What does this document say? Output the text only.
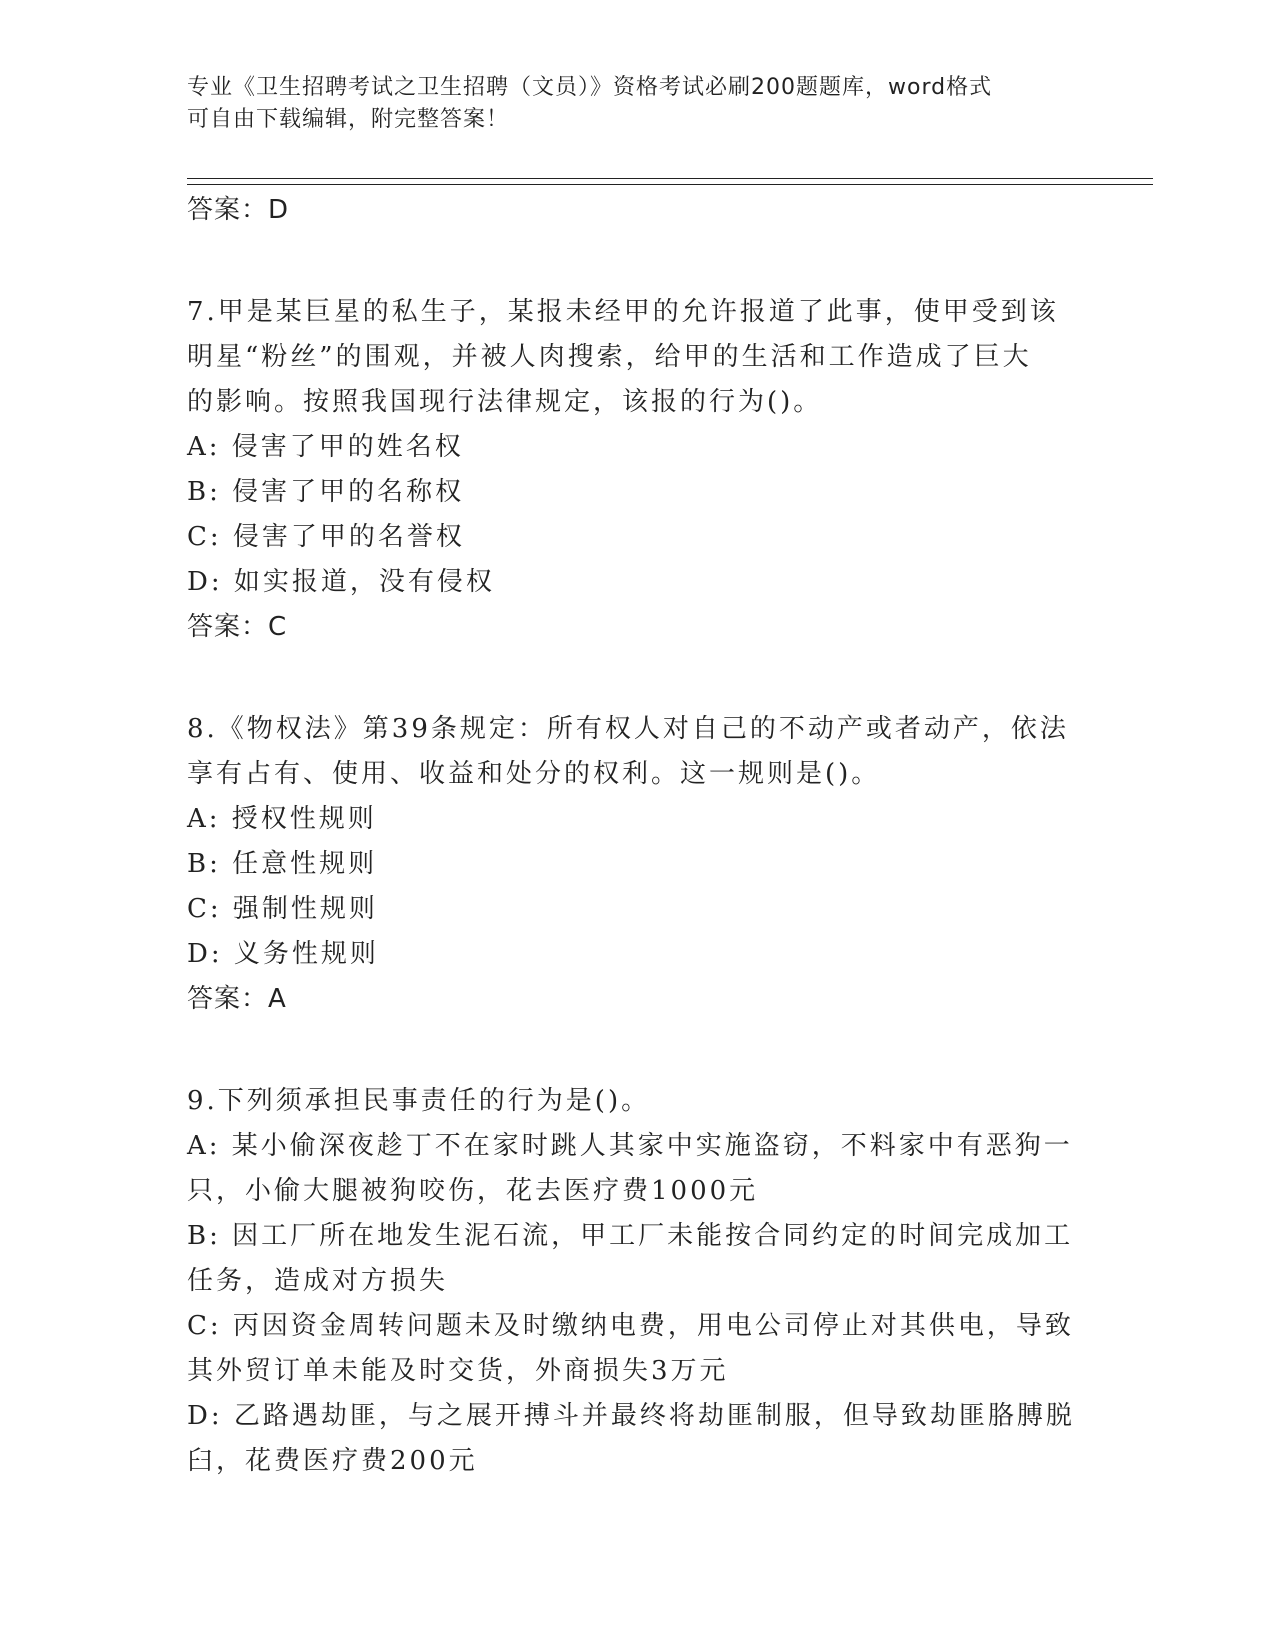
专业《卫生招聘考试之卫生招聘（文员）》资格考试必刷200题题库，word格式
可自由下载编辑，附完整答案！
答案：D
7.甲是某巨星的私生子，某报未经甲的允许报道了此事，使甲受到该
明星“粉丝”的围观，并被人肉搜索，给甲的生活和工作造成了巨大
的影响。按照我国现行法律规定，该报的行为()。
A: 侵害了甲的姓名权
B: 侵害了甲的名称权
C: 侵害了甲的名誉权
D: 如实报道，没有侵权
答案：C
8.《物权法》第39条规定：所有权人对自己的不动产或者动产，依法
享有占有、使用、收益和处分的权利。这一规则是()。
A: 授权性规则
B: 任意性规则
C: 强制性规则
D: 义务性规则
答案：A
9.下列须承担民事责任的行为是()。
A: 某小偷深夜趁丁不在家时跳人其家中实施盗窃，不料家中有恶狗一
只，小偷大腿被狗咬伤，花去医疗费1000元
B: 因工厂所在地发生泥石流，甲工厂未能按合同约定的时间完成加工
任务，造成对方损失
C: 丙因资金周转问题未及时缴纳电费，用电公司停止对其供电，导致
其外贸订单未能及时交货，外商损失3万元
D: 乙路遇劫匪，与之展开搏斗并最终将劫匪制服，但导致劫匪胳膊脱
臼，花费医疗费200元
